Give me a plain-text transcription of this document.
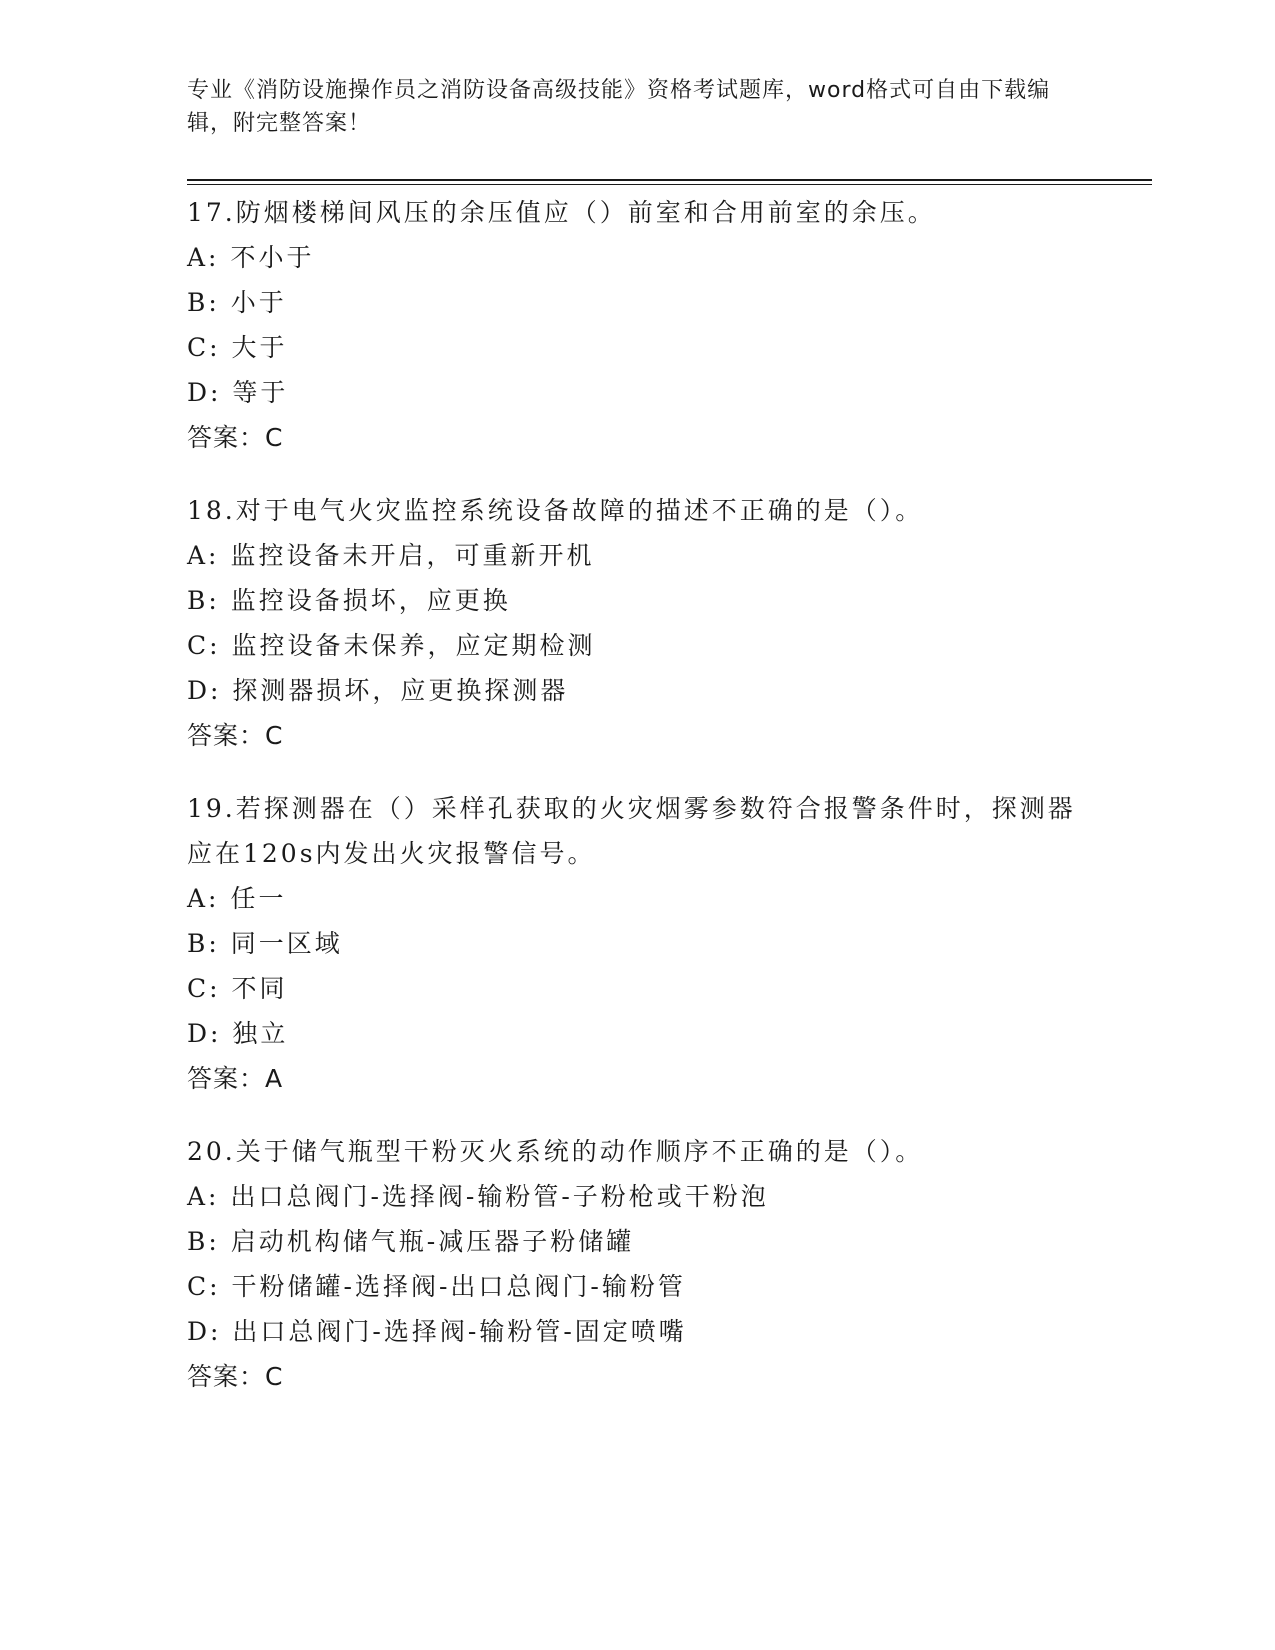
专业《消防设施操作员之消防设备高级技能》资格考试题库，word格式可自由下载编辑，附完整答案！
17.防烟楼梯间风压的余压值应（）前室和合用前室的余压。
A: 不小于
B: 小于
C: 大于
D: 等于
答案：C
18.对于电气火灾监控系统设备故障的描述不正确的是（）。
A: 监控设备未开启，可重新开机
B: 监控设备损坏，应更换
C: 监控设备未保养，应定期检测
D: 探测器损坏，应更换探测器
答案：C
19.若探测器在（）采样孔获取的火灾烟雾参数符合报警条件时，探测器应在120s内发出火灾报警信号。
A: 任一
B: 同一区域
C: 不同
D: 独立
答案：A
20.关于储气瓶型干粉灭火系统的动作顺序不正确的是（）。
A: 出口总阀门-选择阀-输粉管-子粉枪或干粉泡
B: 启动机构储气瓶-减压器子粉储罐
C: 干粉储罐-选择阀-出口总阀门-输粉管
D: 出口总阀门-选择阀-输粉管-固定喷嘴
答案：C
